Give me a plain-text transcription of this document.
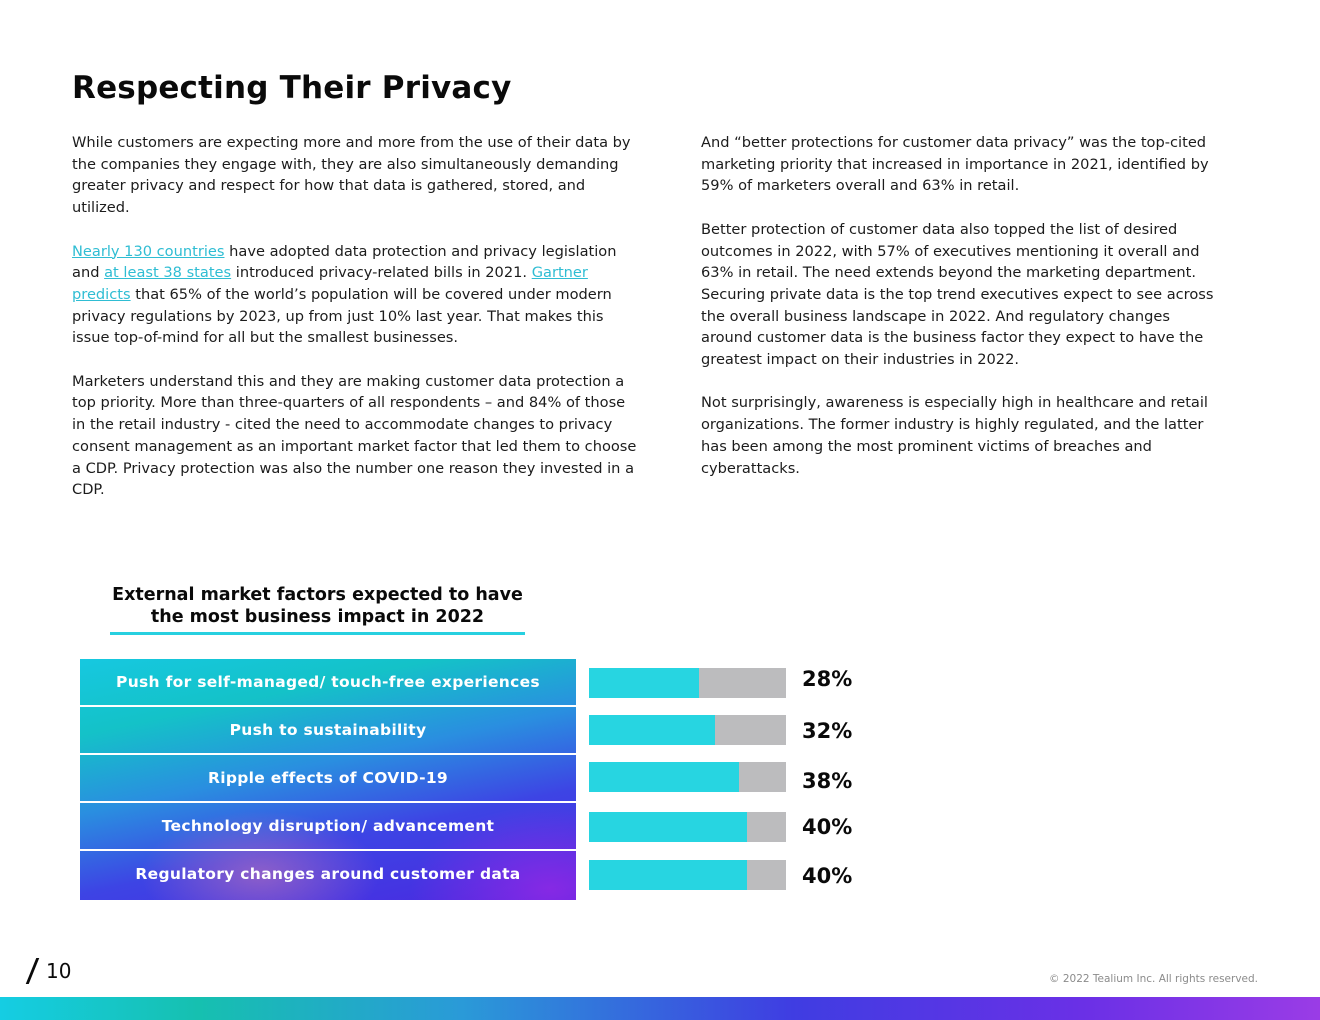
Respecting Their Privacy

While customers are expecting more and more from the use of their data by the companies they engage with, they are also simultaneously demanding greater privacy and respect for how that data is gathered, stored, and utilized.

Nearly 130 countries have adopted data protection and privacy legislation and at least 38 states introduced privacy-related bills in 2021. Gartner predicts that 65% of the world’s population will be covered under modern privacy regulations by 2023, up from just 10% last year. That makes this issue top-of-mind for all but the smallest businesses.

Marketers understand this and they are making customer data protection a top priority. More than three-quarters of all respondents – and 84% of those in the retail industry - cited the need to accommodate changes to privacy consent management as an important market factor that led them to choose a CDP. Privacy protection was also the number one reason they invested in a CDP.

And “better protections for customer data privacy” was the top-cited marketing priority that increased in importance in 2021, identified by 59% of marketers overall and 63% in retail.

Better protection of customer data also topped the list of desired outcomes in 2022, with 57% of executives mentioning it overall and 63% in retail. The need extends beyond the marketing department. Securing private data is the top trend executives expect to see across the overall business landscape in 2022. And regulatory changes around customer data is the business factor they expect to have the greatest impact on their industries in 2022.

Not surprisingly, awareness is especially high in healthcare and retail organizations. The former industry is highly regulated, and the latter has been among the most prominent victims of breaches and cyberattacks.

External market factors expected to have
the most business impact in 2022
Push for self-managed/ touch-free experiences
Push to sustainability
Ripple effects of COVID-19
Technology disruption/ advancement
Regulatory changes around customer data
28%
32%
38%
40%
40%
10	© 2022 Tealium Inc. All rights reserved.
